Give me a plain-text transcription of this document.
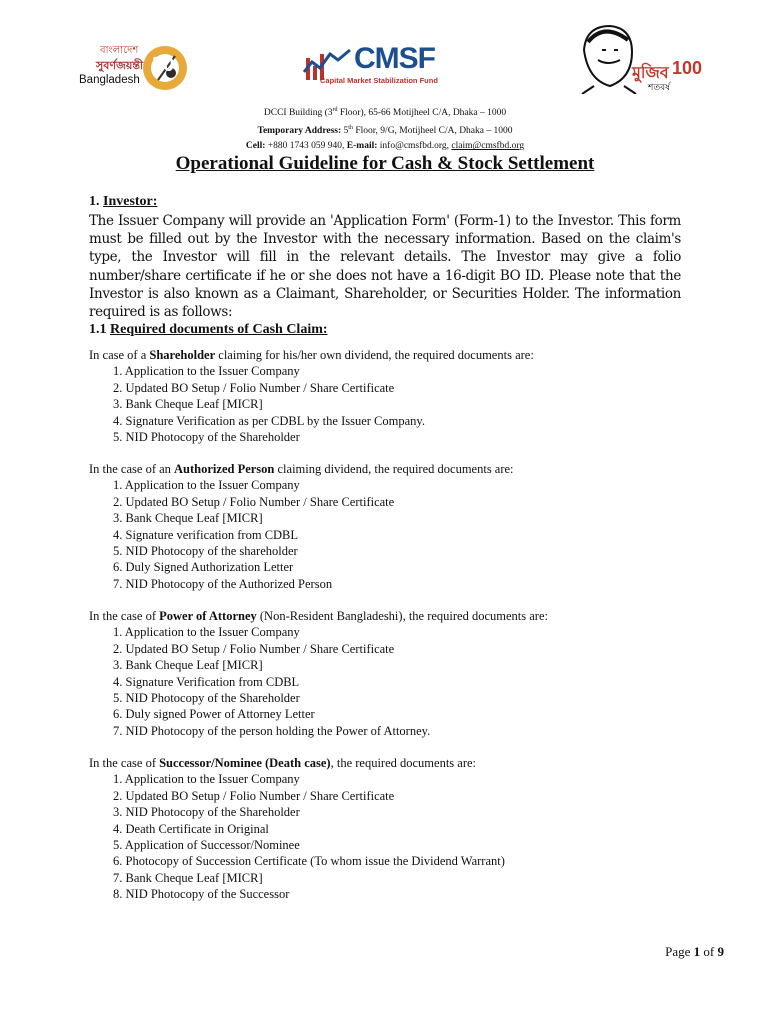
বাংলাদেশ
সুবর্ণজয়ন্তী
Bangladesh
50	CMSF
Capital Market Stabilization Fund	মুজিব 100
শতবর্ষ
DCCI Building (3rd Floor), 65-66 Motijheel C/A, Dhaka – 1000
Temporary Address: 5th Floor, 9/G, Motijheel C/A, Dhaka – 1000
Cell: +880 1743 059 940, E-mail: info@cmsfbd.org, claim@cmsfbd.org
Operational Guideline for Cash & Stock Settlement
1. Investor:
The Issuer Company will provide an 'Application Form' (Form-1) to the Investor. This form must be filled out by the Investor with the necessary information. Based on the claim's type, the Investor will fill in the relevant details. The Investor may give a folio number/share certificate if he or she does not have a 16-digit BO ID. Please note that the Investor is also known as a Claimant, Shareholder, or Securities Holder. The information required is as follows:
1.1 Required documents of Cash Claim:

In case of a Shareholder claiming for his/her own dividend, the required documents are:

1. Application to the Issuer Company
2. Updated BO Setup / Folio Number / Share Certificate
3. Bank Cheque Leaf [MICR]
4. Signature Verification as per CDBL by the Issuer Company.
5. NID Photocopy of the Shareholder

In the case of an Authorized Person claiming dividend, the required documents are:

1. Application to the Issuer Company
2. Updated BO Setup / Folio Number / Share Certificate
3. Bank Cheque Leaf [MICR]
4. Signature verification from CDBL
5. NID Photocopy of the shareholder
6. Duly Signed Authorization Letter
7. NID Photocopy of the Authorized Person

In the case of Power of Attorney (Non-Resident Bangladeshi), the required documents are:

1. Application to the Issuer Company
2. Updated BO Setup / Folio Number / Share Certificate
3. Bank Cheque Leaf [MICR]
4. Signature Verification from CDBL
5. NID Photocopy of the Shareholder
6. Duly signed Power of Attorney Letter
7. NID Photocopy of the person holding the Power of Attorney.

In the case of Successor/Nominee (Death case), the required documents are:

1. Application to the Issuer Company
2. Updated BO Setup / Folio Number / Share Certificate
3. NID Photocopy of the Shareholder
4. Death Certificate in Original
5. Application of Successor/Nominee
6. Photocopy of Succession Certificate (To whom issue the Dividend Warrant)
7. Bank Cheque Leaf [MICR]
8. NID Photocopy of the Successor
Page 1 of 9
